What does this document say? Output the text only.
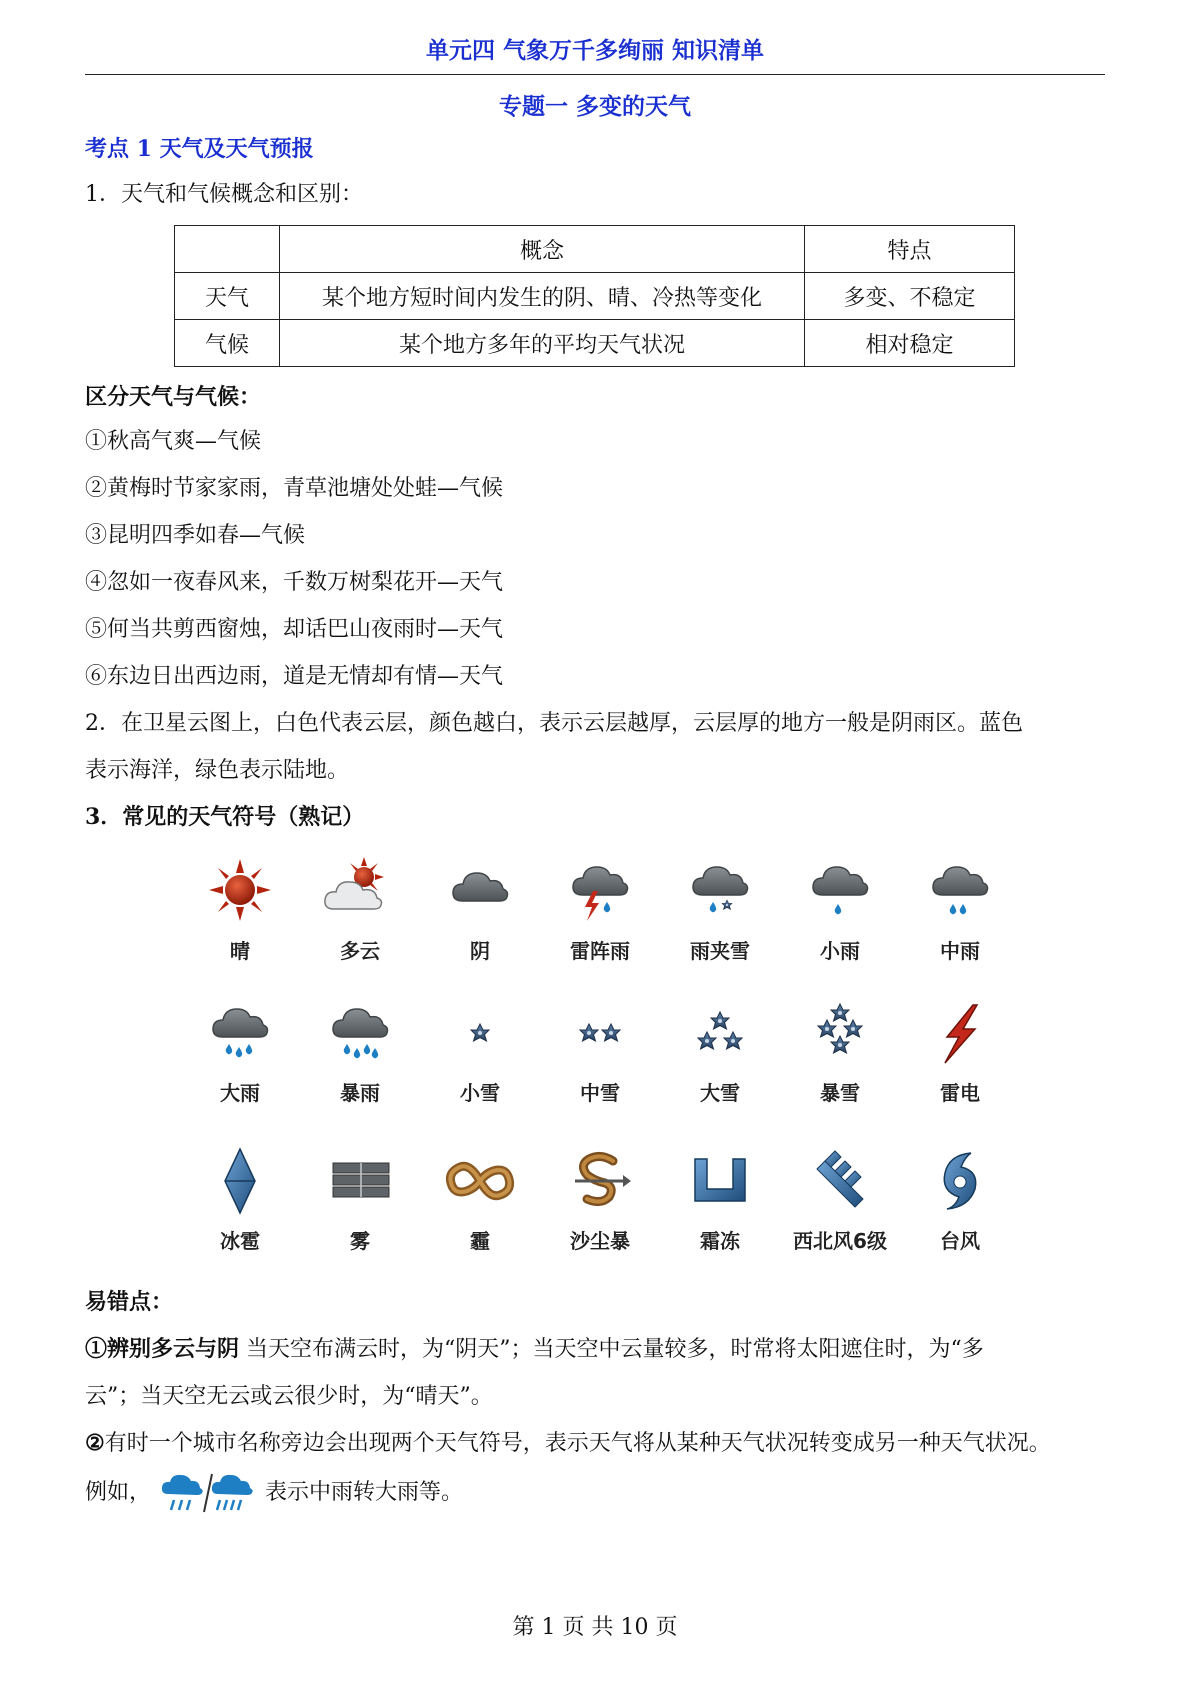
单元四 气象万千多绚丽 知识清单
专题一 多变的天气
考点 1 天气及天气预报
1．天气和气候概念和区别：
	概念	特点
天气	某个地方短时间内发生的阴、晴、冷热等变化	多变、不稳定
气候	某个地方多年的平均天气状况	相对稳定
区分天气与气候：
①秋高气爽—气候
②黄梅时节家家雨，青草池塘处处蛙—气候
③昆明四季如春—气候
④忽如一夜春风来，千数万树梨花开—天气
⑤何当共剪西窗烛，却话巴山夜雨时—天气
⑥东边日出西边雨，道是无情却有情—天气
2．在卫星云图上，白色代表云层，颜色越白，表示云层越厚，云层厚的地方一般是阴雨区。蓝色
表示海洋，绿色表示陆地。
3．常见的天气符号（熟记）
晴	多云	阴	雷阵雨	雨夹雪	小雨	中雨
大雨	暴雨	小雪	中雪	大雪	暴雪	雷电
冰雹	雾	霾	沙尘暴	霜冻	西北风6级	台风
易错点：
①辨别多云与阴 当天空布满云时，为“阴天”；当天空中云量较多，时常将太阳遮住时，为“多
云”；当天空无云或云很少时，为“晴天”。
②有时一个城市名称旁边会出现两个天气符号，表示天气将从某种天气状况转变成另一种天气状况。
例如，	表示中雨转大雨等。
第 1 页 共 10 页
